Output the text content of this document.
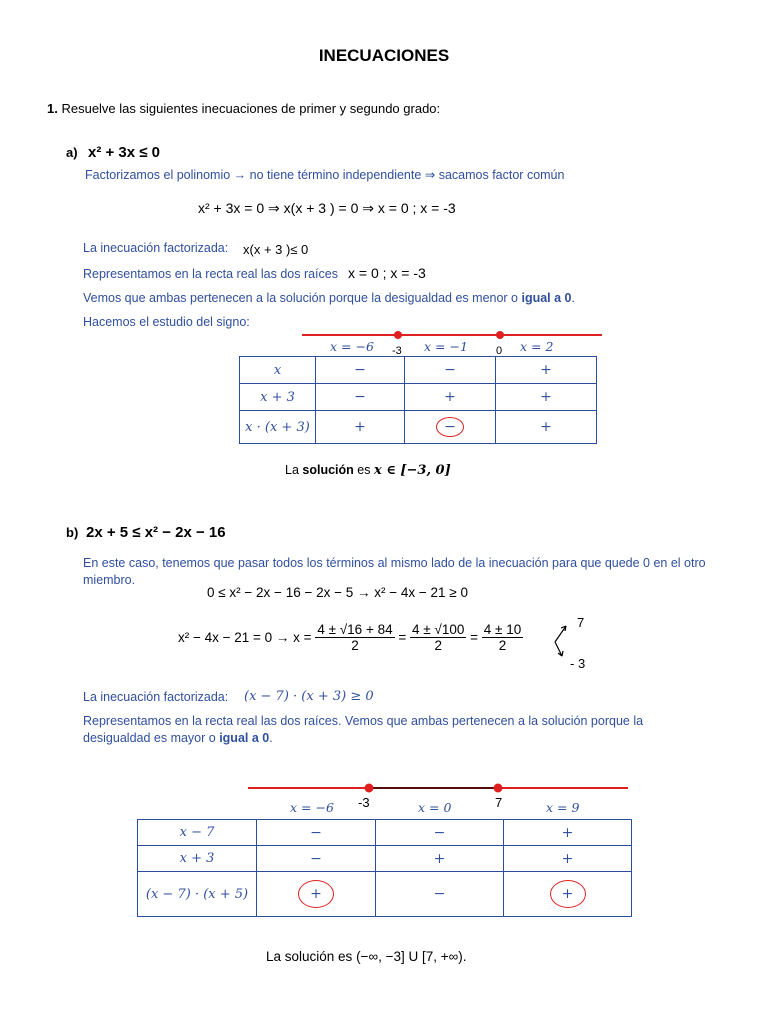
INECUACIONES
1. Resuelve las siguientes inecuaciones de primer y segundo grado:
a) x² + 3x ≤ 0
Factorizamos el polinomio → no tiene término independiente ⇒ sacamos factor común
x² + 3x = 0 ⇒ x(x + 3 ) = 0 ⇒ x = 0 ; x = -3
La inecuación factorizada: x(x + 3 )≤ 0
Representamos en la recta real las dos raíces x = 0 ; x = -3
Vemos que ambas pertenecen a la solución porque la desigualdad es menor o igual a 0.
Hacemos el estudio del signo:
x = −6 -3 x = −1	0 x = 2
x	−	−	+
x + 3	−	+	+
x · (x + 3)	+	−	+
La solución es x ∈ [−3, 0]
b) 2x + 5 ≤ x² − 2x − 16
En este caso, tenemos que pasar todos los términos al mismo lado de la inecuación para que quede 0 en el otro miembro.
0 ≤ x² − 2x − 16 − 2x − 5 → x² − 4x − 21 ≥ 0
$x^2 - 4x - 21 = 0 \to x = \frac{4 \pm √16 + 84}{2} = \frac{4 \pm √100}{2} = \frac{4 \pm 10}{2}$	7
- 3
La inecuación factorizada: (x − 7) · (x + 3) ≥ 0
Representamos en la recta real las dos raíces. Vemos que ambas pertenecen a la solución porque la desigualdad es mayor o igual a 0.
x = −6 -3	x = 0	7	x = 9
x − 7	−	−	+
x + 3	−	+	+
(x − 7) · (x + 5)	+	−	+
La solución es (−∞, −3] U [7, +∞).
